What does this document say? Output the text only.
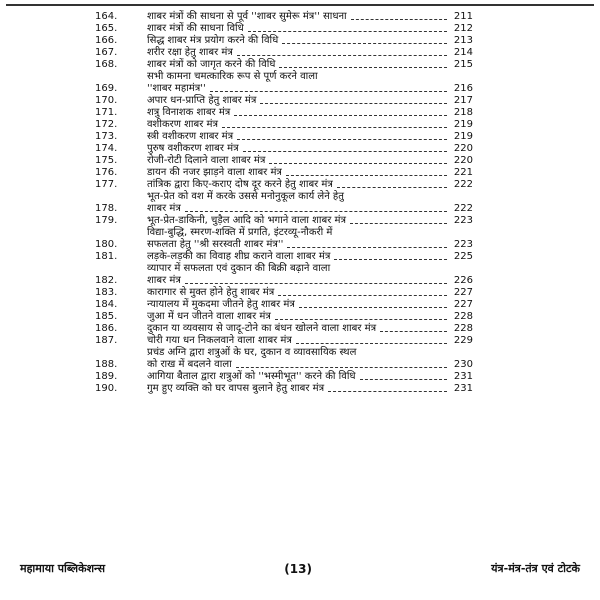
164.	शाबर मंत्रों की साधना से पूर्व ''शाबर सुमेरू मंत्र'' साधना	211
165.	शाबर मंत्रों की साधना विधि	212
166.	सिद्ध शाबर मंत्र प्रयोग करने की विधि	213
167.	शरीर रक्षा हेतु शाबर मंत्र	214
168.	शाबर मंत्रों को जागृत करने की विधि	215
169.
सभी कामना चमत्कारिक रूप से पूर्ण करने वाला
''शाबर महामंत्र''	216
170.	अपार धन-प्राप्ति हेतु शाबर मंत्र	217
171.	शत्रु विनाशक शाबर मंत्र	218
172.	वशीकरण शाबर मंत्र	219
173.	स्त्री वशीकरण शाबर मंत्र	219
174.	पुरुष वशीकरण शाबर मंत्र	220
175.	रोजी-रोटी दिलाने वाला शाबर मंत्र	220
176.	डायन की नजर झाड़ने वाला शाबर मंत्र	221
177.	तांत्रिक द्वारा किए-कराए दोष दूर करने हेतु शाबर मंत्र	222
178.
भूत-प्रेत को वश में करके उससे मनोनुकूल कार्य लेने हेतु
शाबर मंत्र	222
179.	भूत-प्रेत-डाकिनी, चुड़ैल आदि को भगाने वाला शाबर मंत्र	223
180.
विद्या-बुद्धि, स्मरण-शक्ति में प्रगति, इंटरव्यू-नौकरी में
सफलता हेतु ''श्री सरस्वती शाबर मंत्र''	223
181.	लड़के-लड़की का विवाह शीघ्र कराने वाला शाबर मंत्र	225
182.
व्यापार में सफलता एवं दुकान की बिक्री बढ़ाने वाला
शाबर मंत्र	226
183.	कारागार से मुक्त होने हेतु शाबर मंत्र	227
184.	न्यायालय में मुकदमा जीतने हेतु शाबर मंत्र	227
185.	जुआ में धन जीतने वाला शाबर मंत्र	228
186.	दुकान या व्यवसाय से जादू-टोने का बंधन खोलने वाला शाबर मंत्र	228
187.	चोरी गया धन निकलवाने वाला शाबर मंत्र	229
188.
प्रचंड अग्नि द्वारा शत्रुओं के घर, दुकान व व्यावसायिक स्थल
को राख में बदलने वाला	230
189.	आगिया बैताल द्वारा शत्रुओं को ''भस्मीभूत'' करने की विधि	231
190.	गुम हुए व्यक्ति को घर वापस बुलाने हेतु शाबर मंत्र	231
महामाया पब्लिकेशन्स	(13)	यंत्र-मंत्र-तंत्र एवं टोटके
